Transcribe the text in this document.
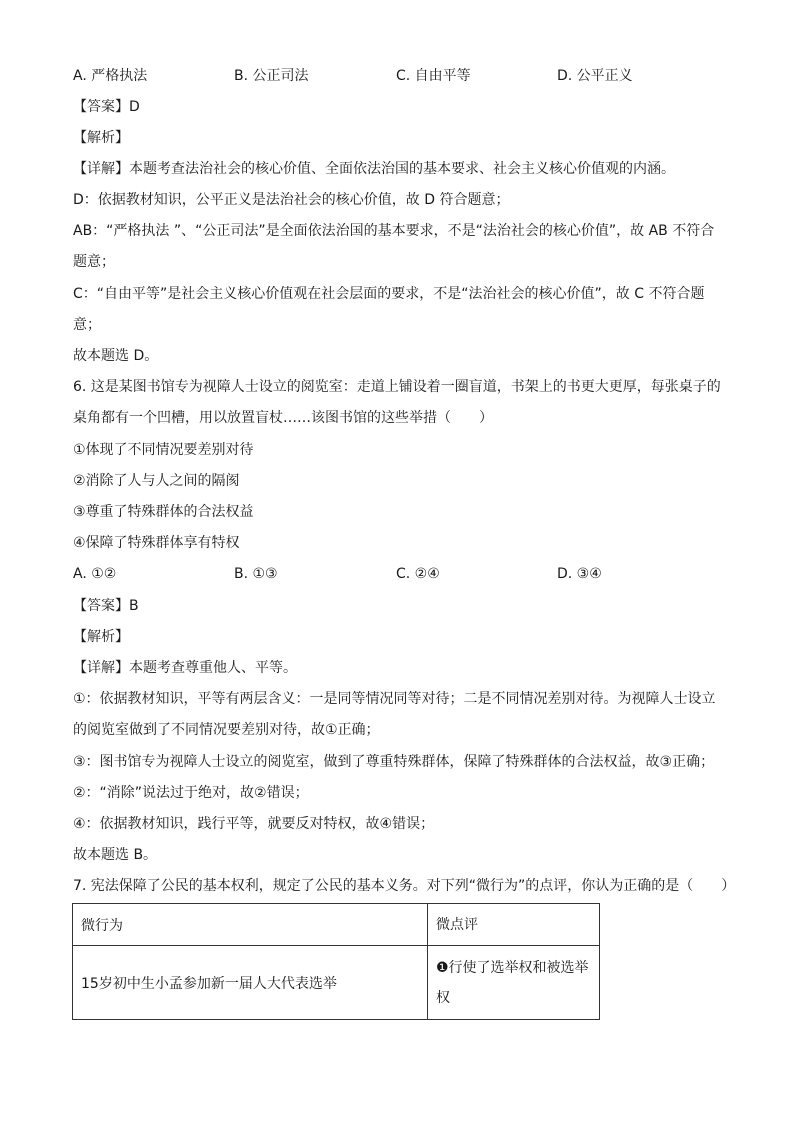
A. 严格执法	B. 公正司法	C. 自由平等	D. 公平正义
【答案】D
【解析】
【详解】本题考查法治社会的核心价值、全面依法治国的基本要求、社会主义核心价值观的内涵。
D：依据教材知识，公平正义是法治社会的核心价值，故 D 符合题意；
AB：“严格执法 ”、“公正司法”是全面依法治国的基本要求，不是“法治社会的核心价值”，故 AB 不符合
题意；
C：“自由平等”是社会主义核心价值观在社会层面的要求，不是“法治社会的核心价值”，故 C 不符合题
意；
故本题选 D。
6. 这是某图书馆专为视障人士设立的阅览室：走道上铺设着一圈盲道，书架上的书更大更厚，每张桌子的
桌角都有一个凹槽，用以放置盲杖……该图书馆的这些举措（　　）
①体现了不同情况要差别对待
②消除了人与人之间的隔阂
③尊重了特殊群体的合法权益
④保障了特殊群体享有特权
A. ①②	B. ①③	C. ②④	D. ③④
【答案】B
【解析】
【详解】本题考查尊重他人、平等。
①：依据教材知识，平等有两层含义：一是同等情况同等对待；二是不同情况差别对待。为视障人士设立
的阅览室做到了不同情况要差别对待，故①正确；
③：图书馆专为视障人士设立的阅览室，做到了尊重特殊群体，保障了特殊群体的合法权益，故③正确；
②：“消除”说法过于绝对，故②错误；
④：依据教材知识，践行平等，就要反对特权，故④错误；
故本题选 B。
7. 宪法保障了公民的基本权利，规定了公民的基本义务。对下列“微行为”的点评，你认为正确的是（　　）
微行为	微点评
15岁初中生小孟参加新一届人大代表选举	❶行使了选举权和被选举权
